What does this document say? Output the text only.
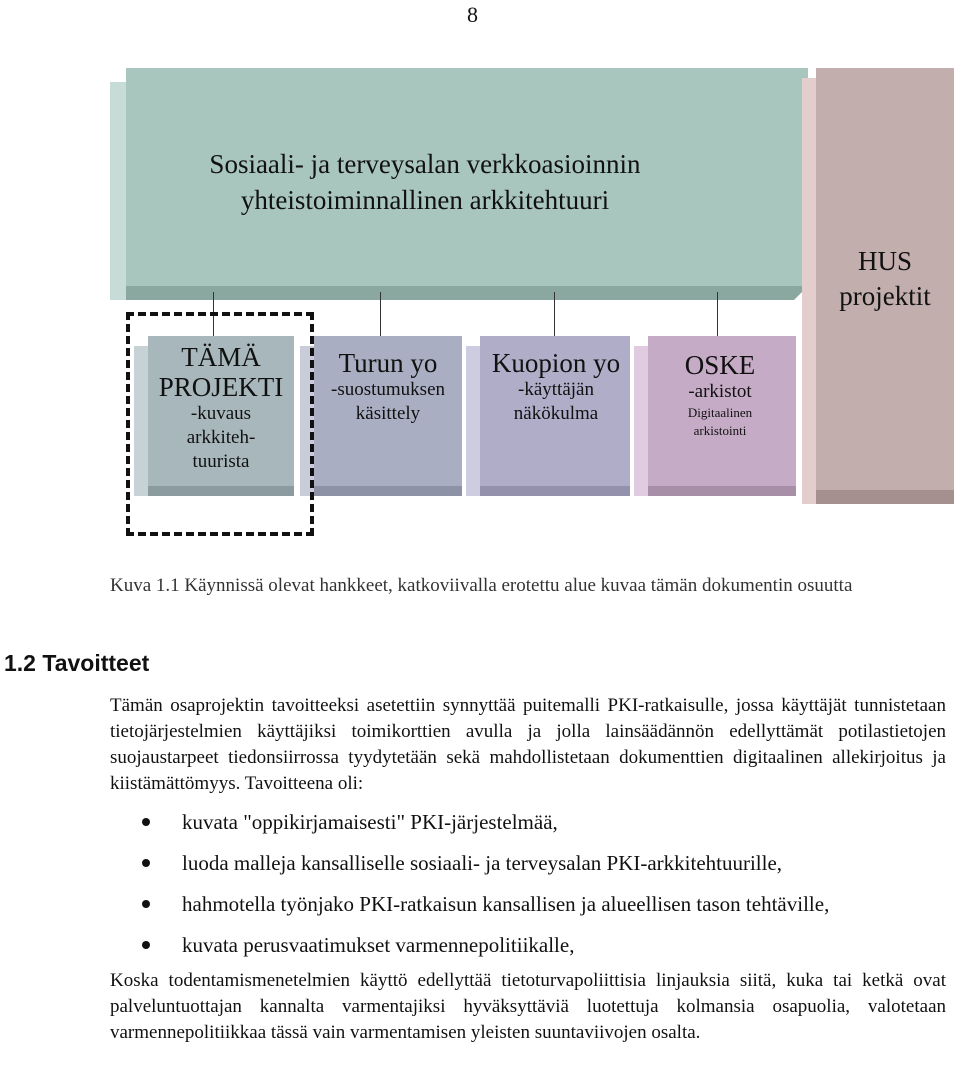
8
Sosiaali- ja terveysalan verkkoasioinnin
yhteistoiminnallinen arkkitehtuuri
HUS
projektit
TÄMÄ
PROJEKTI
-kuvaus
arkkiteh-
tuurista
Turun yo
-suostumuksen
käsittely
Kuopion yo
-käyttäjän
näkökulma
OSKE
-arkistot
Digitaalinen
arkistointi
Kuva 1.1 Käynnissä olevat hankkeet, katkoviivalla erotettu alue kuvaa tämän dokumentin osuutta
1.2 Tavoitteet
Tämän osaprojektin tavoitteeksi asetettiin synnyttää puitemalli PKI-ratkaisulle, jossa käyttäjät tunnistetaan tietojärjestelmien käyttäjiksi toimikorttien avulla ja jolla lainsäädännön edellyttämät potilastietojen suojaustarpeet tiedonsiirrossa tyydytetään sekä mahdollistetaan dokumenttien digitaalinen allekirjoitus ja kiistämättömyys. Tavoitteena oli:
kuvata "oppikirjamaisesti" PKI-järjestelmää,
luoda malleja kansalliselle sosiaali- ja terveysalan PKI-arkkitehtuurille,
hahmotella työnjako PKI-ratkaisun kansallisen ja alueellisen tason tehtäville,
kuvata perusvaatimukset varmennepolitiikalle,
Koska todentamismenetelmien käyttö edellyttää tietoturvapoliittisia linjauksia siitä, kuka tai ketkä ovat palveluntuottajan kannalta varmentajiksi hyväksyttäviä luotettuja kolmansia osapuolia, valotetaan varmennepolitiikkaa tässä vain varmentamisen yleisten suuntaviivojen osalta.
